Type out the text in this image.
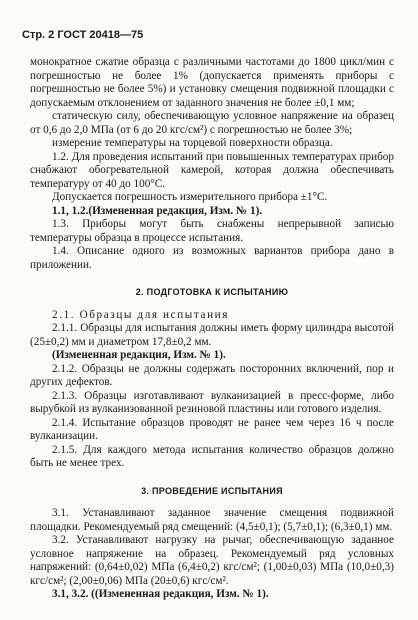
Стр. 2 ГОСТ 20418—75

монократное сжатие образца с различными частотами до 1800 цикл/мин с погрешностью не более 1% (допускается применять приборы с погрешностью не более 5%) и установку смещения подвижной площадки с допускаемым отклонением от заданного значения не более ±0,1 мм;

статическую силу, обеспечивающую условное напряжение на образец от 0,6 до 2,0 МПа (от 6 до 20 кгс/см²) с погрешностью не более 3%;

измерение температуры на торцевой поверхности образца.

1.2. Для проведения испытаний при повышенных температурах прибор снабжают обогревательной камерой, которая должна обеспечивать температуру от 40 до 100°C.

Допускается погрешность измерительного прибора ±1°C.

1.1, 1.2.(Измененная редакция, Изм. № 1).

1.3. Приборы могут быть снабжены непрерывной записью температуры образца в процессе испытания.

1.4. Описание одного из возможных вариантов прибора дано в приложении.

2. ПОДГОТОВКА К ИСПЫТАНИЮ

2.1. Образцы для испытания

2.1.1. Образцы для испытания должны иметь форму цилиндра высотой (25±0,2) мм и диаметром 17,8±0,2 мм.

(Измененная редакция, Изм. № 1).

2.1.2. Образцы не должны содержать посторонних включений, пор и других дефектов.

2.1.3. Образцы изготавливают вулканизацией в пресс-форме, либо вырубкой из вулканизованной резиновой пластины или готового изделия.

2.1.4. Испытание образцов проводят не ранее чем через 16 ч после вулканизации.

2.1.5. Для каждого метода испытания количество образцов должно быть не менее трех.

3. ПРОВЕДЕНИЕ ИСПЫТАНИЯ

3.1. Устанавливают заданное значение смещения подвижной площадки. Рекомендуемый ряд смещений: (4,5±0,1); (5,7±0,1); (6,3±0,1) мм.

3.2. Устанавливают нагрузку на рычаг, обеспечивающую заданное условное напряжение на образец. Рекомендуемый ряд условных напряжений: (0,64±0,02) МПа (6,4±0,2) кгс/см²; (1,00±0,03) МПа (10,0±0,3) кгс/см²; (2,00±0,06) МПа (20±0,6) кгс/см².

3.1, 3.2. ((Измененная редакция, Изм. № 1).
